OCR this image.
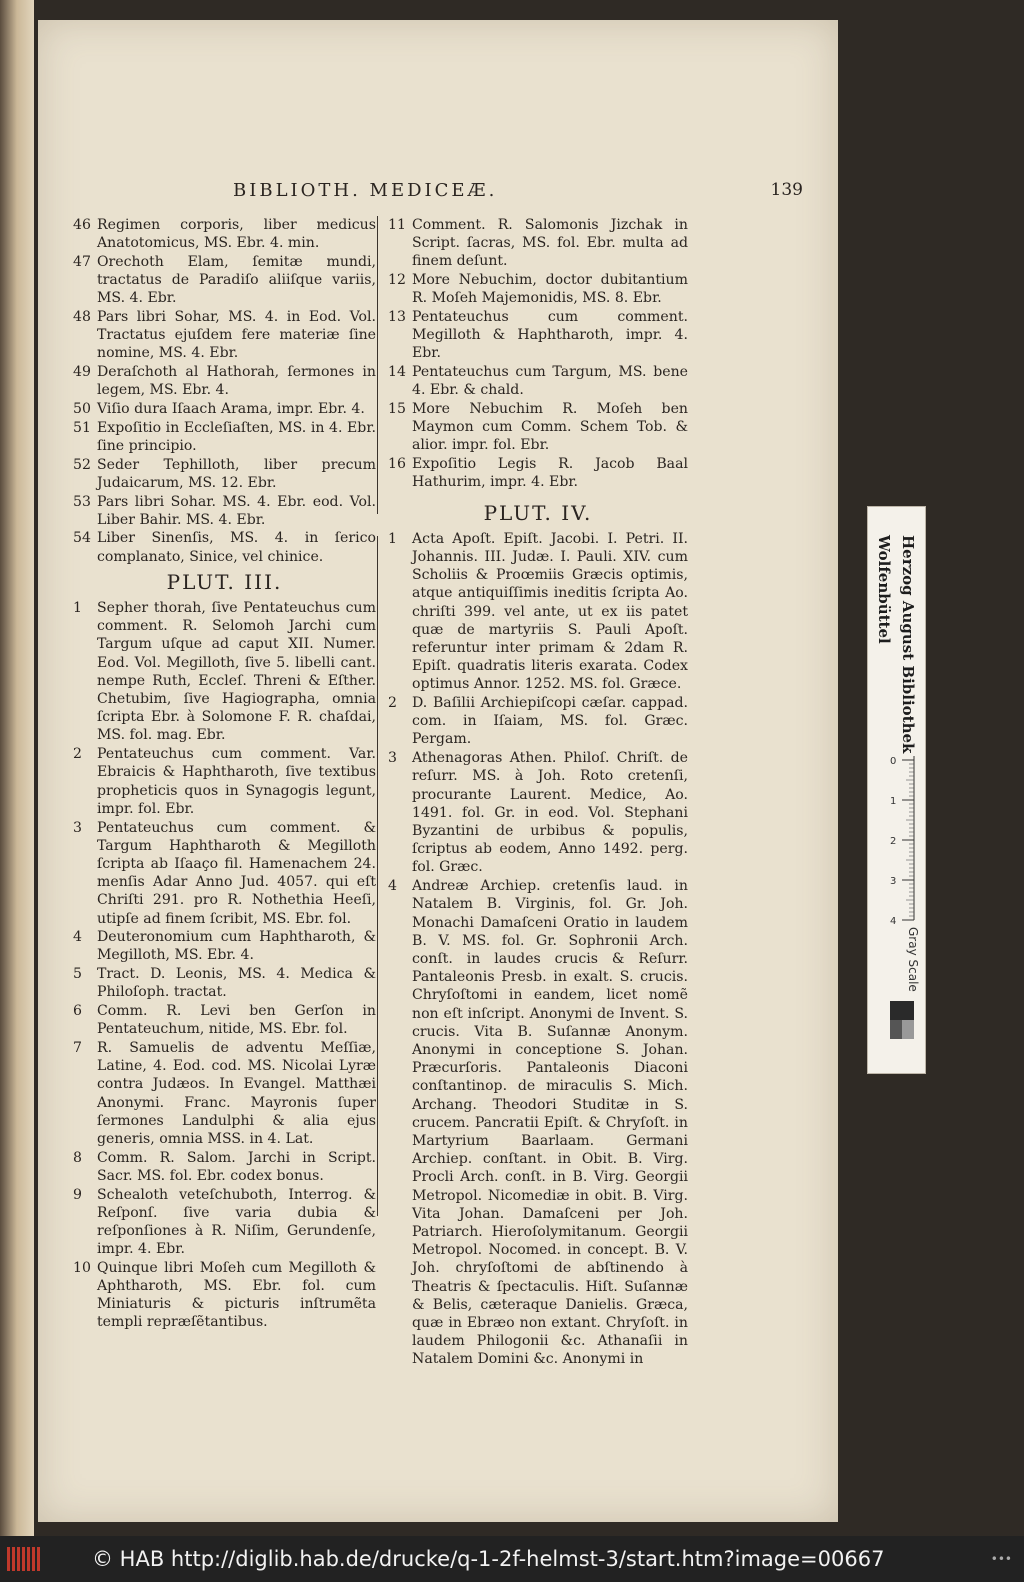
BIBLIOTH. MEDICEÆ.	139
46 Regimen corporis, liber medicus Anatotomicus, MS. Ebr. 4. min.
47 Orechoth Elam, ſemitæ mundi, tractatus de Paradiſo aliiſque variis, MS. 4. Ebr.
48 Pars libri Sohar, MS. 4. in Eod. Vol. Tractatus ejuſdem fere materiæ ſine nomine, MS. 4. Ebr.
49 Deraſchoth al Hathorah, ſermones in legem, MS. Ebr. 4.
50 Viſio dura Iſaach Arama, impr. Ebr. 4.
51 Expoſitio in Eccleſiaſten, MS. in 4. Ebr. ſine principio.
52 Seder Tephilloth, liber precum Judaicarum, MS. 12. Ebr.
53 Pars libri Sohar. MS. 4. Ebr. eod. Vol. Liber Bahir. MS. 4. Ebr.
54 Liber Sinenſis, MS. 4. in ſerico complanato, Sinice, vel chinice.
PLUT. III.
1 Sepher thorah, ſive Pentateuchus cum comment. R. Selomoh Jarchi cum Targum uſque ad caput XII. Numer. Eod. Vol. Megilloth, ſive 5. libelli cant. nempe Ruth, Eccleſ. Threni & Eſther. Chetubim, ſive Hagiographa, omnia ſcripta Ebr. à Solomone F. R. chaſdai, MS. fol. mag. Ebr.
2 Pentateuchus cum comment. Var. Ebraicis & Haphtharoth, ſive textibus propheticis quos in Synagogis legunt, impr. fol. Ebr.
3 Pentateuchus cum comment. & Targum Haphtharoth & Megilloth ſcripta ab Iſaaço fil. Hamenachem 24. menſis Adar Anno Jud. 4057. qui eſt Chriſti 291. pro R. Nothethia Heeſi, utipſe ad finem ſcribit, MS. Ebr. fol.
4 Deuteronomium cum Haphtharoth, & Megilloth, MS. Ebr. 4.
5 Tract. D. Leonis, MS. 4. Medica & Philoſoph. tractat.
6 Comm. R. Levi ben Gerſon in Pentateuchum, nitide, MS. Ebr. fol.
7 R. Samuelis de adventu Meſſiæ, Latine, 4. Eod. cod. MS. Nicolai Lyræ contra Judæos. In Evangel. Matthæi Anonymi. Franc. Mayronis ſuper ſermones Landulphi & alia ejus generis, omnia MSS. in 4. Lat.
8 Comm. R. Salom. Jarchi in Script. Sacr. MS. fol. Ebr. codex bonus.
9 Schealoth veteſchuboth, Interrog. & Reſponſ. ſive varia dubia & reſponſiones à R. Niſim, Gerundenſe, impr. 4. Ebr.
10 Quinque libri Moſeh cum Megilloth & Aphtharoth, MS. Ebr. fol. cum Miniaturis & picturis inſtrumẽta templi repræſẽtantibus.
11 Comment. R. Salomonis Jizchak in Script. ſacras, MS. fol. Ebr. multa ad finem deſunt.
12 More Nebuchim, doctor dubitantium R. Moſeh Majemonidis, MS. 8. Ebr.
13 Pentateuchus cum comment. Megilloth & Haphtharoth, impr. 4. Ebr.
14 Pentateuchus cum Targum, MS. bene 4. Ebr. & chald.
15 More Nebuchim R. Moſeh ben Maymon cum Comm. Schem Tob. & alior. impr. fol. Ebr.
16 Expoſitio Legis R. Jacob Baal Hathurim, impr. 4. Ebr.
PLUT. IV.
1 Acta Apoſt. Epiſt. Jacobi. I. Petri. II. Johannis. III. Judæ. I. Pauli. XIV. cum Scholiis & Proœmiis Græcis optimis, atque antiquiſſimis ineditis ſcripta Ao. chriſti 399. vel ante, ut ex iis patet quæ de martyriis S. Pauli Apoſt. referuntur inter primam & 2dam R. Epiſt. quadratis literis exarata. Codex optimus Annor. 1252. MS. fol. Græce.
2 D. Baſilii Archiepiſcopi cæſar. cappad. com. in Iſaiam, MS. fol. Græc. Pergam.
3 Athenagoras Athen. Philoſ. Chriſt. de reſurr. MS. à Joh. Roto cretenſi, procurante Laurent. Medice, Ao. 1491. fol. Gr. in eod. Vol. Stephani Byzantini de urbibus & populis, ſcriptus ab eodem, Anno 1492. perg. fol. Græc.
4 Andreæ Archiep. cretenſis laud. in Natalem B. Virginis, fol. Gr. Joh. Monachi Damaſceni Oratio in laudem B. V. MS. fol. Gr. Sophronii Arch. conſt. in laudes crucis & Reſurr. Pantaleonis Presb. in exalt. S. crucis. Chryſoſtomi in eandem, licet nomẽ non eſt inſcript. Anonymi de Invent. S. crucis. Vita B. Suſannæ Anonym. Anonymi in conceptione S. Johan. Præcurſoris. Pantaleonis Diaconi conſtantinop. de miraculis S. Mich. Archang. Theodori Studitæ in S. crucem. Pancratii Epiſt. & Chryſoſt. in Martyrium Baarlaam. Germani Archiep. conſtant. in Obit. B. Virg. Procli Arch. conſt. in B. Virg. Georgii Metropol. Nicomediæ in obit. B. Virg. Vita Johan. Damaſceni per Joh. Patriarch. Hieroſolymitanum. Georgii Metropol. Nocomed. in concept. B. V. Joh. chryſoſtomi de abſtinendo à Theatris & ſpectaculis. Hiſt. Suſannæ & Belis, cæteraque Danielis. Græca, quæ in Ebræo non extant. Chryſoſt. in laudem Philogonii &c. Athanaſii in Natalem Domini &c. Anonymi in
Herzog August Bibliothek
Wolfenbüttel
0
1
2
3
4
Gray Scale
© HAB http://diglib.hab.de/drucke/q-1-2f-helmst-3/start.htm?image=00667	•••
